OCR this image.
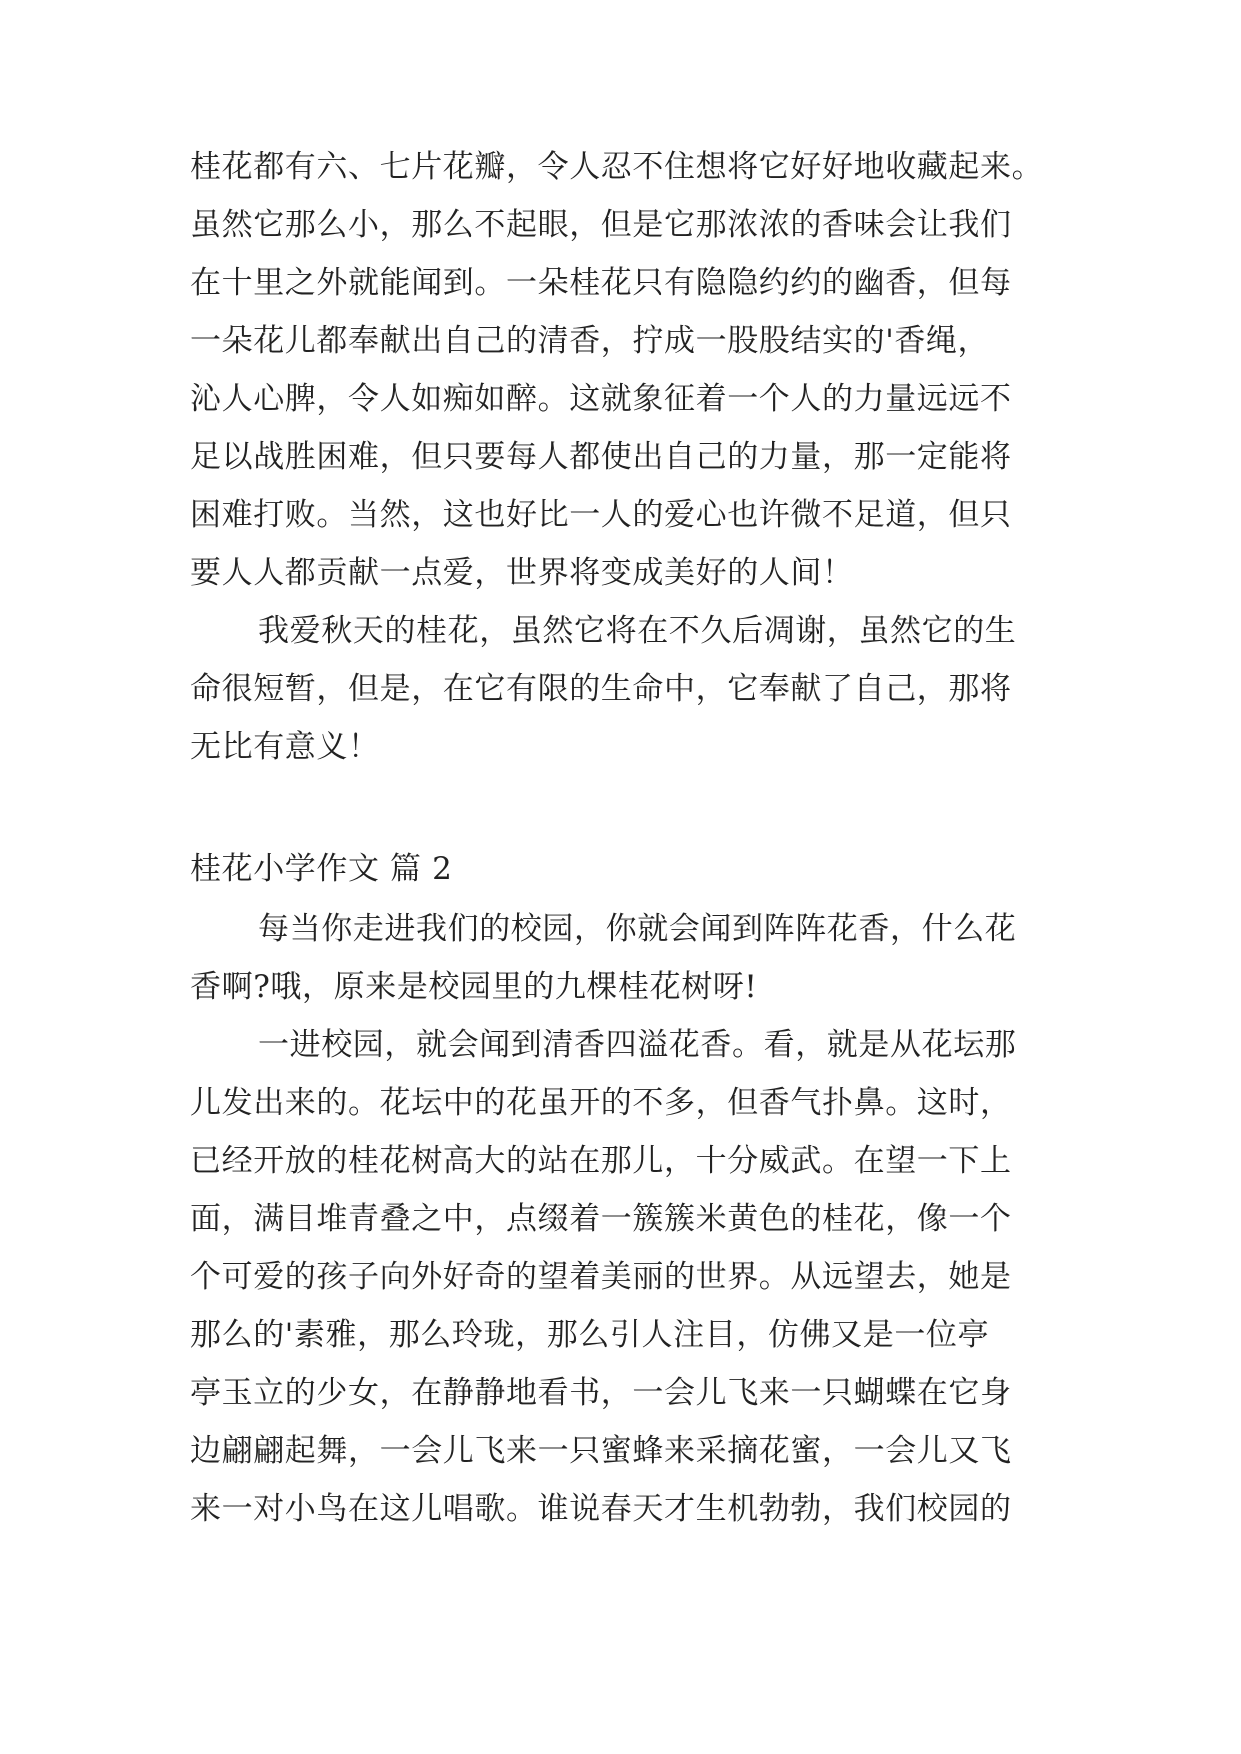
桂花都有六、七片花瓣，令人忍不住想将它好好地收藏起来。
虽然它那么小，那么不起眼，但是它那浓浓的香味会让我们
在十里之外就能闻到。一朵桂花只有隐隐约约的幽香，但每
一朵花儿都奉献出自己的清香，拧成一股股结实的'香绳，
沁人心脾，令人如痴如醉。这就象征着一个人的力量远远不
足以战胜困难，但只要每人都使出自己的力量，那一定能将
困难打败。当然，这也好比一人的爱心也许微不足道，但只
要人人都贡献一点爱，世界将变成美好的人间！
我爱秋天的桂花，虽然它将在不久后凋谢，虽然它的生
命很短暂，但是，在它有限的生命中，它奉献了自己，那将
无比有意义！
桂花小学作文 篇 2
每当你走进我们的校园，你就会闻到阵阵花香，什么花
香啊?哦，原来是校园里的九棵桂花树呀!
一进校园，就会闻到清香四溢花香。看，就是从花坛那
儿发出来的。花坛中的花虽开的不多，但香气扑鼻。这时，
已经开放的桂花树高大的站在那儿，十分威武。在望一下上
面，满目堆青叠之中，点缀着一簇簇米黄色的桂花，像一个
个可爱的孩子向外好奇的望着美丽的世界。从远望去，她是
那么的'素雅，那么玲珑，那么引人注目，仿佛又是一位亭
亭玉立的少女，在静静地看书，一会儿飞来一只蝴蝶在它身
边翩翩起舞，一会儿飞来一只蜜蜂来采摘花蜜，一会儿又飞
来一对小鸟在这儿唱歌。谁说春天才生机勃勃，我们校园的
